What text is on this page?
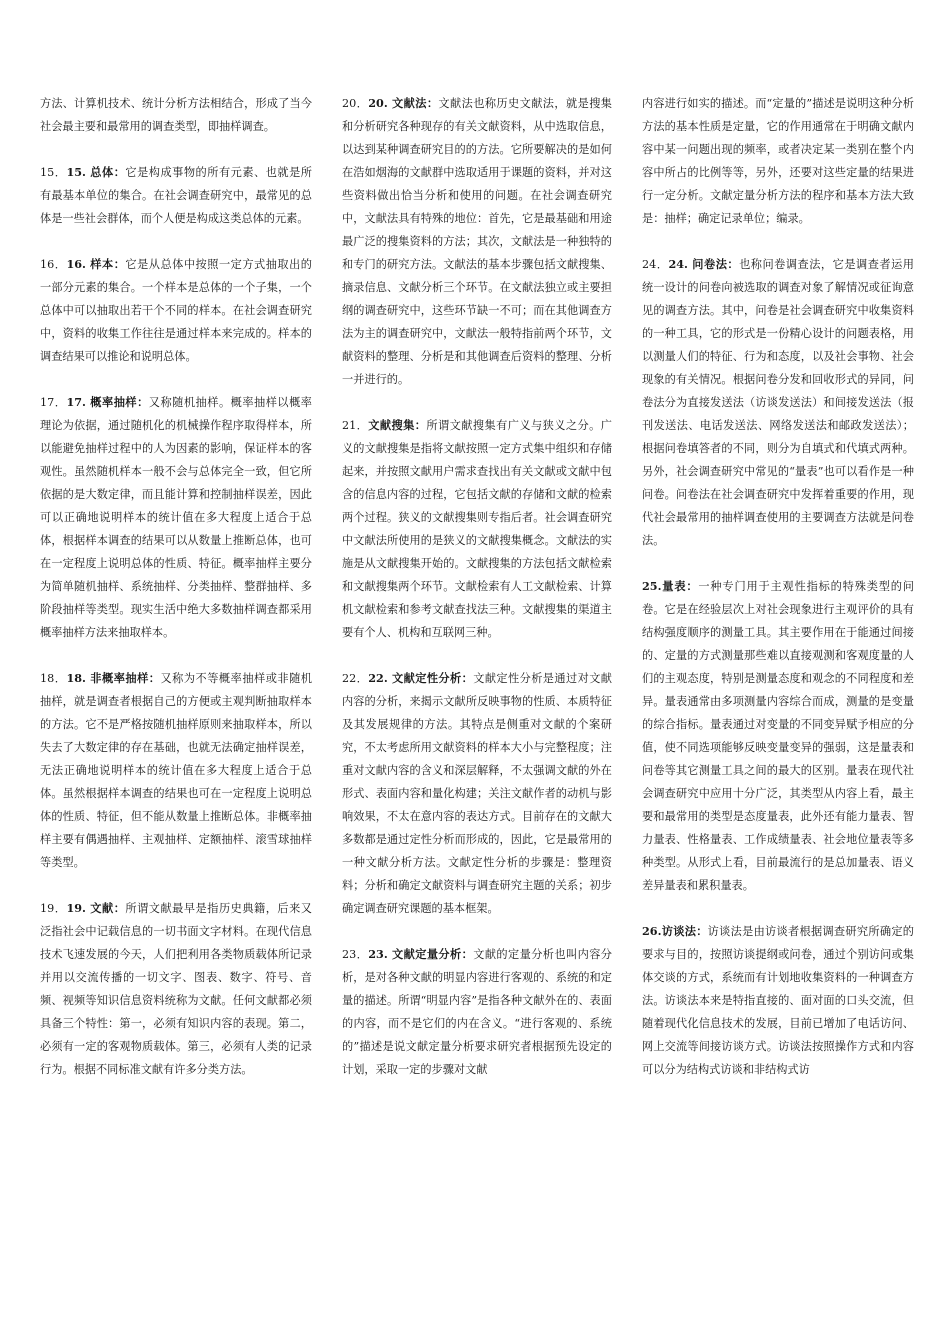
方法、计算机技术、统计分析方法相结合，形成了当今社会最主要和最常用的调查类型，即抽样调查。

15．15. 总体：它是构成事物的所有元素、也就是所有最基本单位的集合。在社会调查研究中，最常见的总体是一些社会群体，而个人便是构成这类总体的元素。

16．16. 样本：它是从总体中按照一定方式抽取出的一部分元素的集合。一个样本是总体的一个子集，一个总体中可以抽取出若干个不同的样本。在社会调查研究中，资料的收集工作往往是通过样本来完成的。样本的调查结果可以推论和说明总体。

17．17. 概率抽样：又称随机抽样。概率抽样以概率理论为依据，通过随机化的机械操作程序取得样本，所以能避免抽样过程中的人为因素的影响，保证样本的客观性。虽然随机样本一般不会与总体完全一致，但它所依据的是大数定律，而且能计算和控制抽样误差，因此可以正确地说明样本的统计值在多大程度上适合于总体，根据样本调查的结果可以从数量上推断总体，也可在一定程度上说明总体的性质、特征。概率抽样主要分为简单随机抽样、系统抽样、分类抽样、整群抽样、多阶段抽样等类型。现实生活中绝大多数抽样调查都采用概率抽样方法来抽取样本。

18．18. 非概率抽样：又称为不等概率抽样或非随机抽样，就是调查者根据自己的方便或主观判断抽取样本的方法。它不是严格按随机抽样原则来抽取样本，所以失去了大数定律的存在基础，也就无法确定抽样误差，无法正确地说明样本的统计值在多大程度上适合于总体。虽然根据样本调查的结果也可在一定程度上说明总体的性质、特征，但不能从数量上推断总体。非概率抽样主要有偶遇抽样、主观抽样、定额抽样、滚雪球抽样等类型。

19．19. 文献：所谓文献最早是指历史典籍，后来又泛指社会中记载信息的一切书面文字材料。在现代信息技术飞速发展的今天，人们把利用各类物质载体所记录并用以交流传播的一切文字、图表、数字、符号、音频、视频等知识信息资料统称为文献。任何文献都必须具备三个特性：第一，必须有知识内容的表现。第二，必须有一定的客观物质载体。第三，必须有人类的记录行为。根据不同标准文献有许多分类方法。

20．20. 文献法：文献法也称历史文献法，就是搜集和分析研究各种现存的有关文献资料，从中选取信息，以达到某种调查研究目的的方法。它所要解决的是如何在浩如烟海的文献群中选取适用于课题的资料，并对这些资料做出恰当分析和使用的问题。在社会调查研究中，文献法具有特殊的地位：首先，它是最基础和用途最广泛的搜集资料的方法；其次，文献法是一种独特的和专门的研究方法。文献法的基本步骤包括文献搜集、摘录信息、文献分析三个环节。在文献法独立或主要担纲的调查研究中，这些环节缺一不可；而在其他调查方法为主的调查研究中，文献法一般特指前两个环节，文献资料的整理、分析是和其他调查后资料的整理、分析一并进行的。

21．文献搜集：所谓文献搜集有广义与狭义之分。广义的文献搜集是指将文献按照一定方式集中组织和存储起来，并按照文献用户需求查找出有关文献或文献中包含的信息内容的过程，它包括文献的存储和文献的检索两个过程。狭义的文献搜集则专指后者。社会调查研究中文献法所使用的是狭义的文献搜集概念。文献法的实施是从文献搜集开始的。文献搜集的方法包括文献检索和文献搜集两个环节。文献检索有人工文献检索、计算机文献检索和参考文献查找法三种。文献搜集的渠道主要有个人、机构和互联网三种。

22．22. 文献定性分析：文献定性分析是通过对文献内容的分析，来揭示文献所反映事物的性质、本质特征及其发展规律的方法。其特点是侧重对文献的个案研究，不太考虑所用文献资料的样本大小与完整程度；注重对文献内容的含义和深层解释，不太强调文献的外在形式、表面内容和量化构建；关注文献作者的动机与影响效果，不太在意内容的表达方式。目前存在的文献大多数都是通过定性分析而形成的，因此，它是最常用的一种文献分析方法。文献定性分析的步骤是：整理资料；分析和确定文献资料与调查研究主题的关系；初步确定调查研究课题的基本框架。

23．23. 文献定量分析：文献的定量分析也叫内容分析，是对各种文献的明显内容进行客观的、系统的和定量的描述。所谓“明显内容”是指各种文献外在的、表面的内容，而不是它们的内在含义。“进行客观的、系统的”描述是说文献定量分析要求研究者根据预先设定的计划，采取一定的步骤对文献

内容进行如实的描述。而“定量的”描述是说明这种分析方法的基本性质是定量，它的作用通常在于明确文献内容中某一问题出现的频率，或者决定某一类别在整个内容中所占的比例等等，另外，还要对这些定量的结果进行一定分析。文献定量分析方法的程序和基本方法大致是：抽样；确定记录单位；编录。

24．24. 问卷法：也称问卷调查法，它是调查者运用统一设计的问卷向被选取的调查对象了解情况或征询意见的调查方法。其中，问卷是社会调查研究中收集资料的一种工具，它的形式是一份精心设计的问题表格，用以测量人们的特征、行为和态度，以及社会事物、社会现象的有关情况。根据问卷分发和回收形式的异同，问卷法分为直接发送法（访谈发送法）和间接发送法（报刊发送法、电话发送法、网络发送法和邮政发送法）；根据问卷填答者的不同，则分为自填式和代填式两种。另外，社会调查研究中常见的“量表”也可以看作是一种问卷。问卷法在社会调查研究中发挥着重要的作用，现代社会最常用的抽样调查使用的主要调查方法就是问卷法。

25.量表：一种专门用于主观性指标的特殊类型的问卷。它是在经验层次上对社会现象进行主观评价的具有结构强度顺序的测量工具。其主要作用在于能通过间接的、定量的方式测量那些难以直接观测和客观度量的人们的主观态度，特别是测量态度和观念的不同程度和差异。量表通常由多项测量内容综合而成，测量的是变量的综合指标。量表通过对变量的不同变异赋予相应的分值，使不同选项能够反映变量变异的强弱，这是量表和问卷等其它测量工具之间的最大的区别。量表在现代社会调查研究中应用十分广泛，其类型从内容上看，最主要和最常用的类型是态度量表，此外还有能力量表、智力量表、性格量表、工作成绩量表、社会地位量表等多种类型。从形式上看，目前最流行的是总加量表、语义差异量表和累积量表。

26.访谈法：访谈法是由访谈者根据调查研究所确定的要求与目的，按照访谈提纲或问卷，通过个别访问或集体交谈的方式，系统而有计划地收集资料的一种调查方法。访谈法本来是特指直接的、面对面的口头交流，但随着现代化信息技术的发展，目前已增加了电话访问、网上交流等间接访谈方式。访谈法按照操作方式和内容可以分为结构式访谈和非结构式访
